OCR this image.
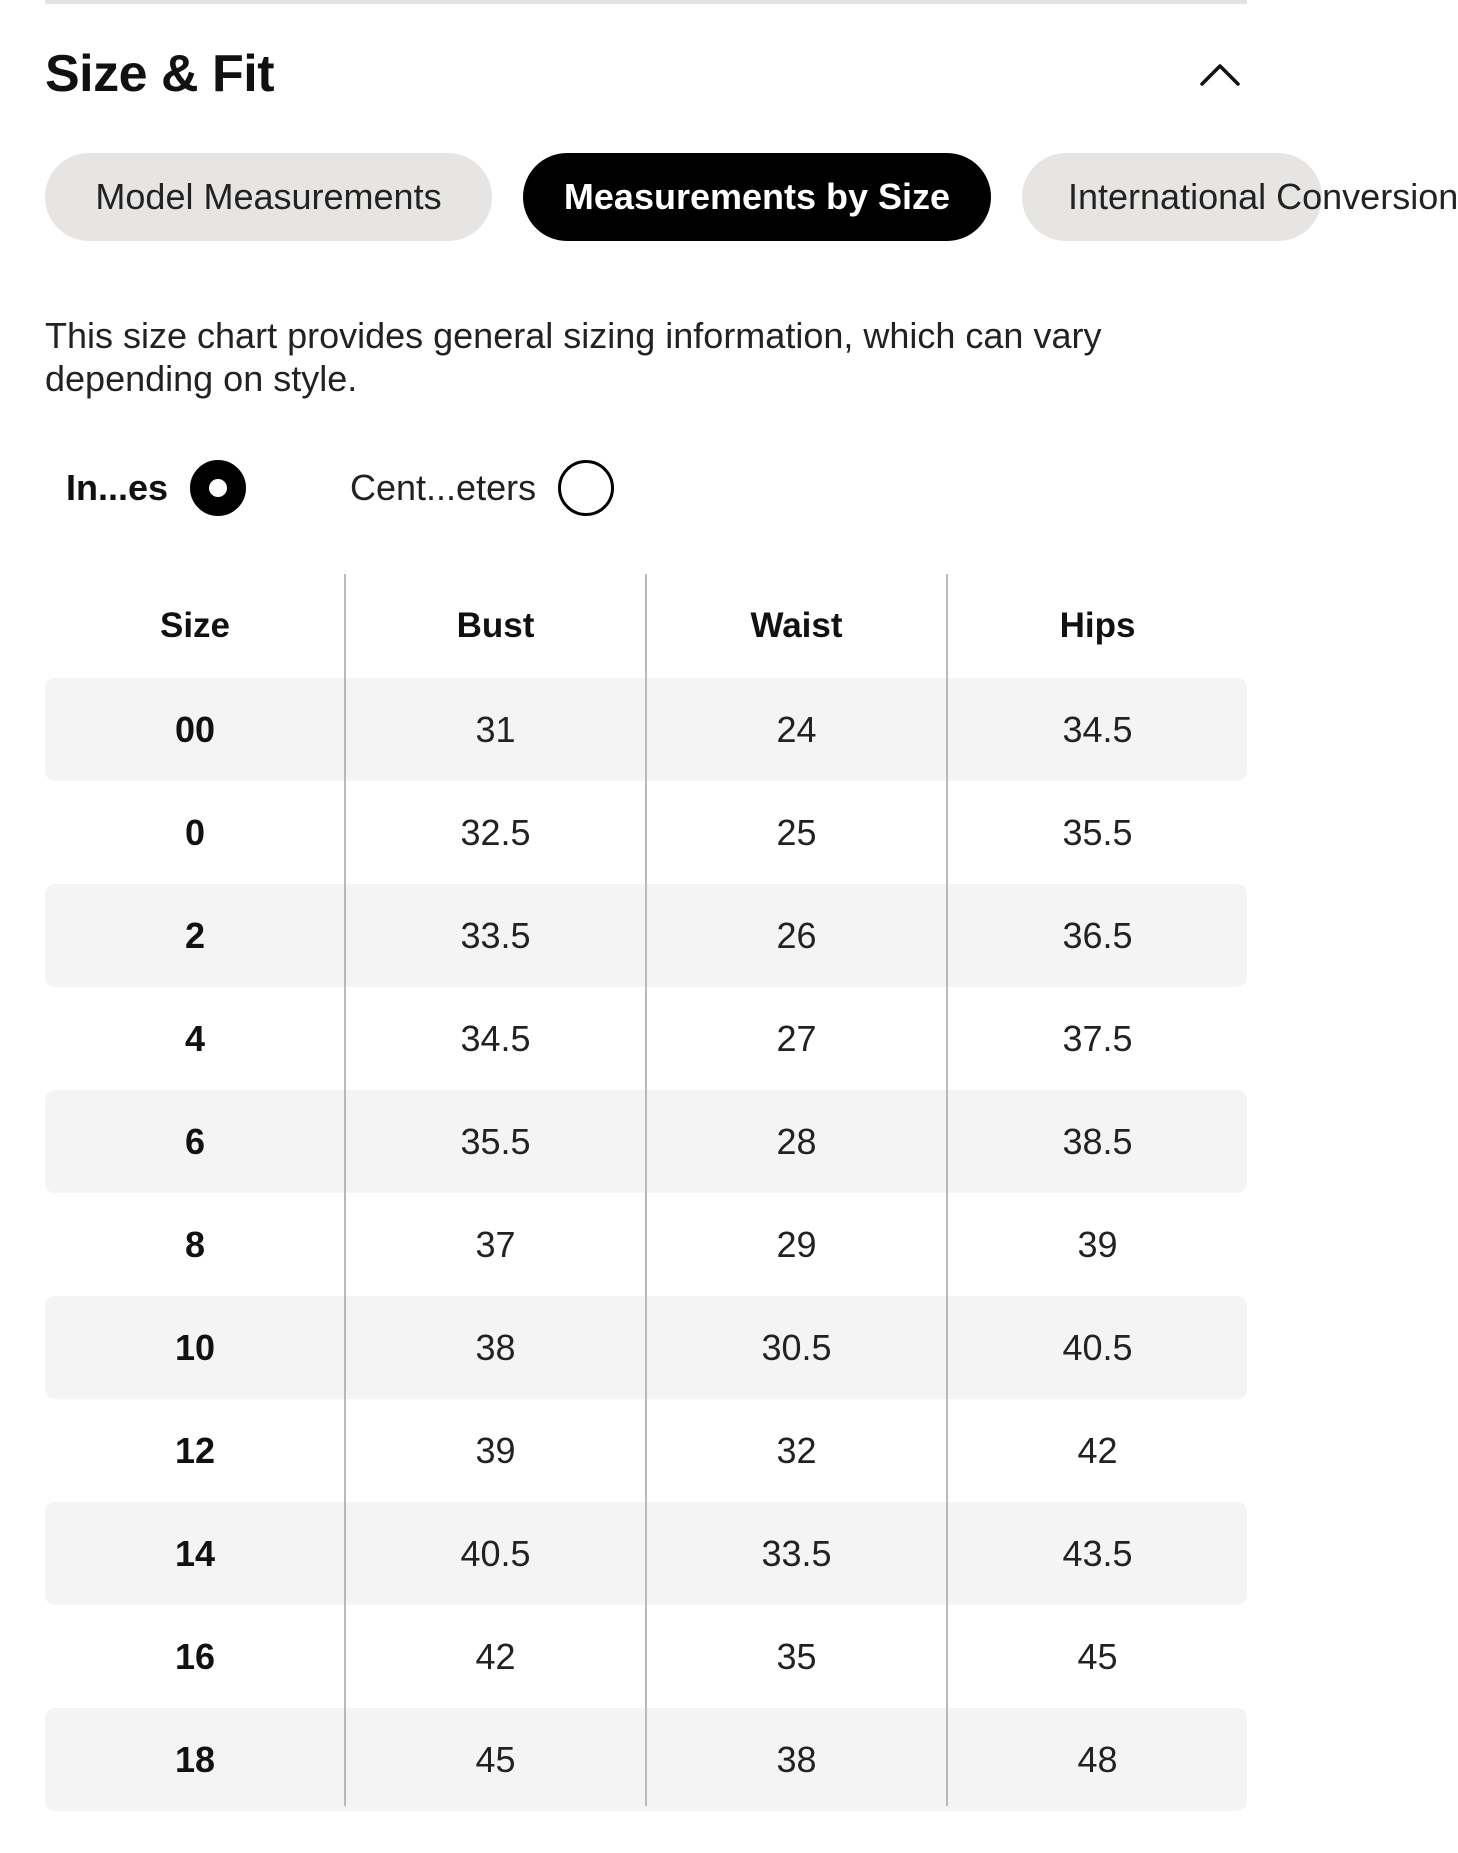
Size & Fit
Model Measurements	Measurements by Size	International Conversion

This size chart provides general sizing information, which can vary depending on style.

In...es	Cent...eters
Size	Bust	Waist	Hips
00	31	24	34.5
0	32.5	25	35.5
2	33.5	26	36.5
4	34.5	27	37.5
6	35.5	28	38.5
8	37	29	39
10	38	30.5	40.5
12	39	32	42
14	40.5	33.5	43.5
16	42	35	45
18	45	38	48
